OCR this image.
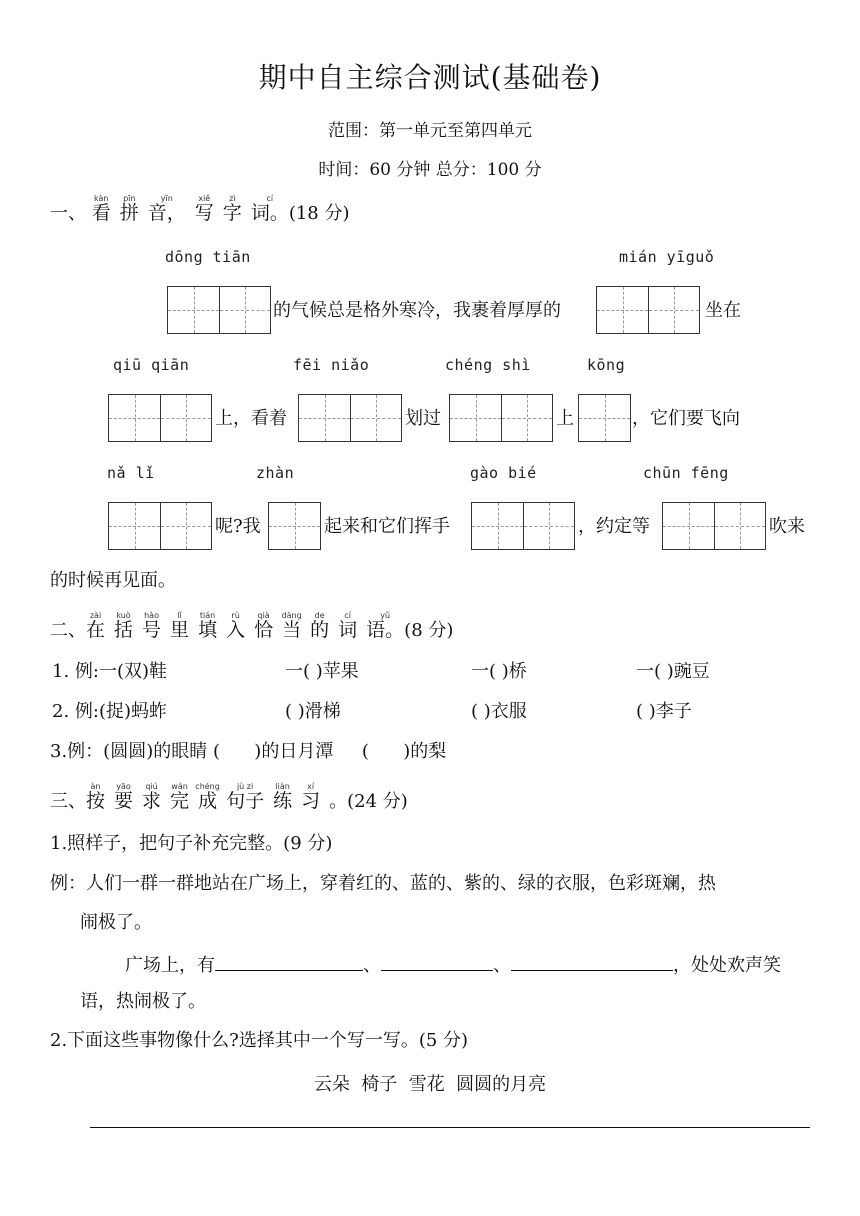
期中自主综合测试(基础卷)
范围：第一单元至第四单元
时间：60 分钟 总分：100 分
一、
kàn
看
pīn
拼
yīn
音，
xiě
写
zì
字
cí
词。(18 分)
dōng tiān	mián yīguǒ
的气候总是格外寒冷，我裹着厚厚的	坐在
qiū qiān	fēi niǎo	chéng shì	kōng
上，看着	划过	上	，它们要飞向
nǎ lǐ	zhàn	gào bié	chūn fēng
呢?我	起来和它们挥手	，约定等	吹来
的时候再见面。
二、
zài
在
kuò
括
hào
号
lǐ
里
tián
填
rù
入
qià
恰
dàng
当
de
的
cí
词
yǔ
语。(8 分)
1. 例:一(双)鞋	一( )苹果	一( )桥	一( )豌豆
2. 例:(捉)蚂蚱	( )滑梯	( )衣服	( )李子
3.例：(圆圆)的眼睛 (      )的日月潭     (      )的梨
三、
àn
按
yāo
要
qiú
求
wán
完
chéng
成
jù zi
句子
liàn
练
xí
习 。(24 分)
1.照样子，把句子补充完整。(9 分)
例：人们一群一群地站在广场上，穿着红的、蓝的、紫的、绿的衣服，色彩斑斓，热
闹极了。
广场上，有	、	、	，处处欢声笑
语，热闹极了。
2.下面这些事物像什么?选择其中一个写一写。(5 分)
云朵  椅子  雪花  圆圆的月亮
